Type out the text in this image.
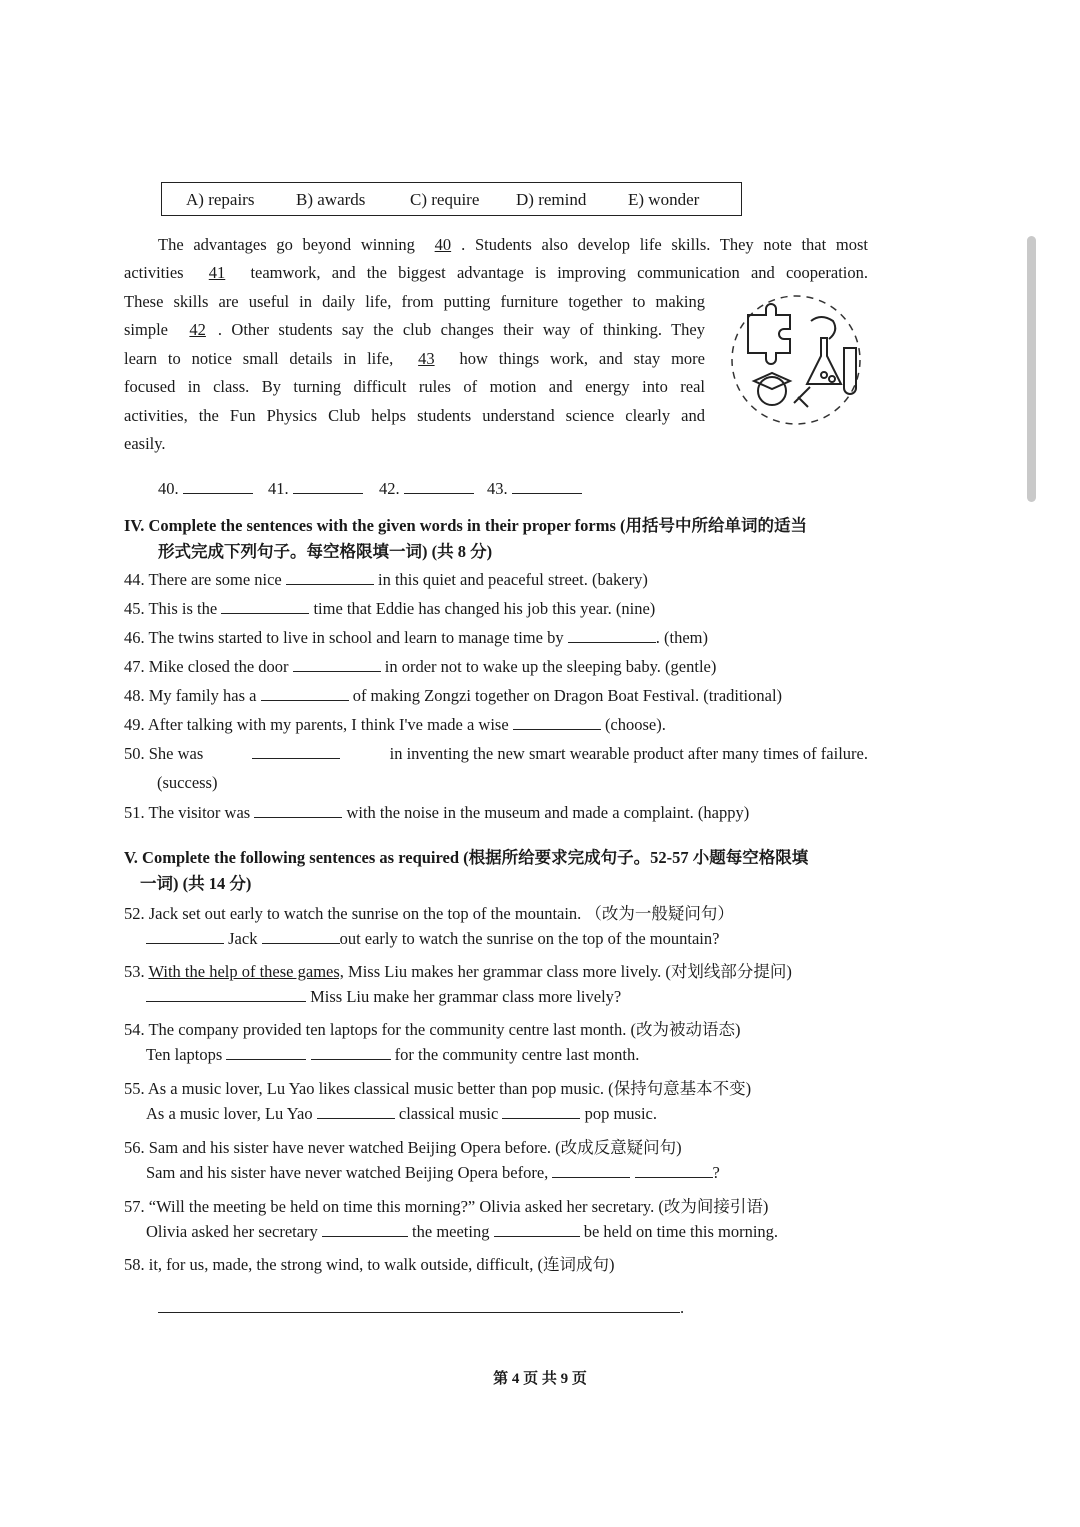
A) repairs B) awards	C) require D) remind E) wonder
The advantages go beyond winning 40 . Students also develop life skills. They note that most
activities 41 teamwork, and the biggest advantage is improving communication and cooperation.
These skills are useful in daily life, from putting furniture together to making
simple 42 . Other students say the club changes their way of thinking. They
learn to notice small details in life, 43 how things work, and stay more
focused in class. By turning difficult rules of motion and energy into real
activities, the Fun Physics Club helps students understand science clearly and
easily.
40.	41.	42.	43.
IV. Complete the sentences with the given words in their proper forms (用括号中所给单词的适当
形式完成下列句子。每空格限填一词) (共 8 分)
44. There are some nice	in this quiet and peaceful street. (bakery)
45. This is the	time that Eddie has changed his job this year. (nine)
46. The twins started to live in school and learn to manage time by	. (them)
47. Mike closed the door	in order not to wake up the sleeping baby. (gentle)
48. My family has a	of making Zongzi together on Dragon Boat Festival. (traditional)
49. After talking with my parents, I think I've made a wise	(choose).
50. She was	in inventing the new smart wearable product after many times of failure.
(success)
51. The visitor was	with the noise in the museum and made a complaint. (happy)
V. Complete the following sentences as required (根据所给要求完成句子。52-57 小题每空格限填
一词) (共 14 分)
52. Jack set out early to watch the sunrise on the top of the mountain. （改为一般疑问句）
Jack	out early to watch the sunrise on the top of the mountain?
53. With the help of these games, Miss Liu makes her grammar class more lively. (对划线部分提问)
Miss Liu make her grammar class more lively?
54. The company provided ten laptops for the community centre last month. (改为被动语态)
Ten laptops	for the community centre last month.
55. As a music lover, Lu Yao likes classical music better than pop music. (保持句意基本不变)
As a music lover, Lu Yao	classical music	pop music.
56. Sam and his sister have never watched Beijing Opera before. (改成反意疑问句)
Sam and his sister have never watched Beijing Opera before,	?
57. “Will the meeting be held on time this morning?” Olivia asked her secretary. (改为间接引语)
Olivia asked her secretary	the meeting	be held on time this morning.
58. it, for us, made, the strong wind, to walk outside, difficult, (连词成句)
.
第 4 页 共 9 页
